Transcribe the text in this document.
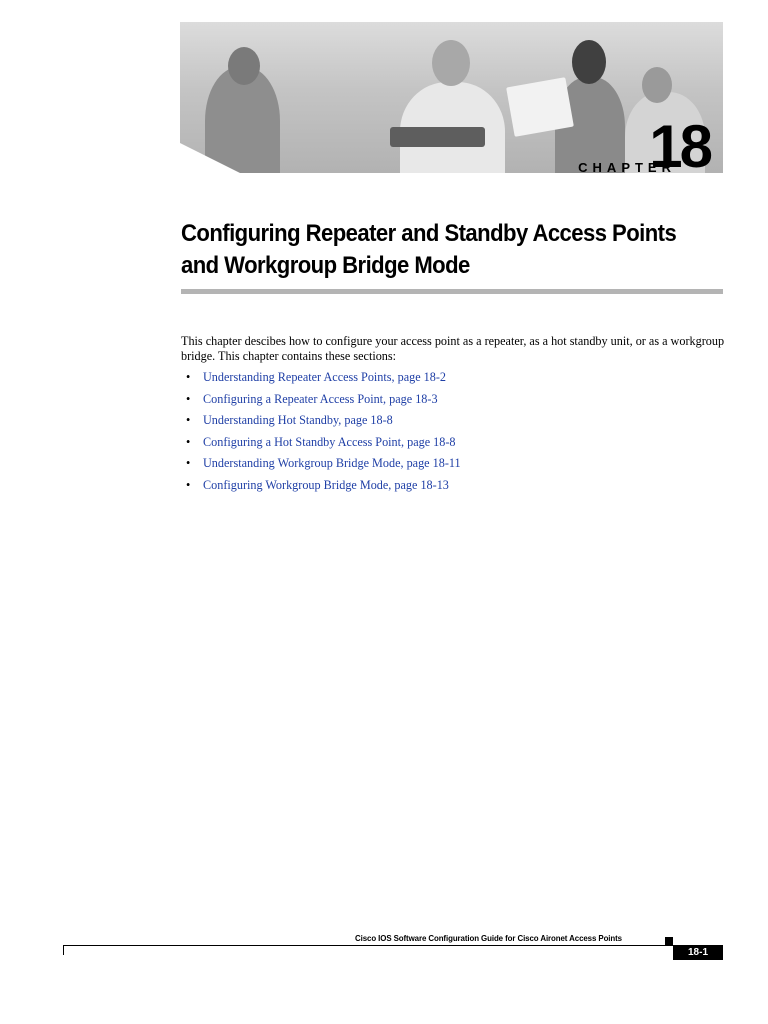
CHAPTER
18
Configuring Repeater and Standby Access Points and Workgroup Bridge Mode

This chapter descibes how to configure your access point as a repeater, as a hot standby unit, or as a workgroup bridge. This chapter contains these sections:

• Understanding Repeater Access Points, page 18-2
• Configuring a Repeater Access Point, page 18-3
• Understanding Hot Standby, page 18-8
• Configuring a Hot Standby Access Point, page 18-8
• Understanding Workgroup Bridge Mode, page 18-11
• Configuring Workgroup Bridge Mode, page 18-13
Cisco IOS Software Configuration Guide for Cisco Aironet Access Points
18-1
